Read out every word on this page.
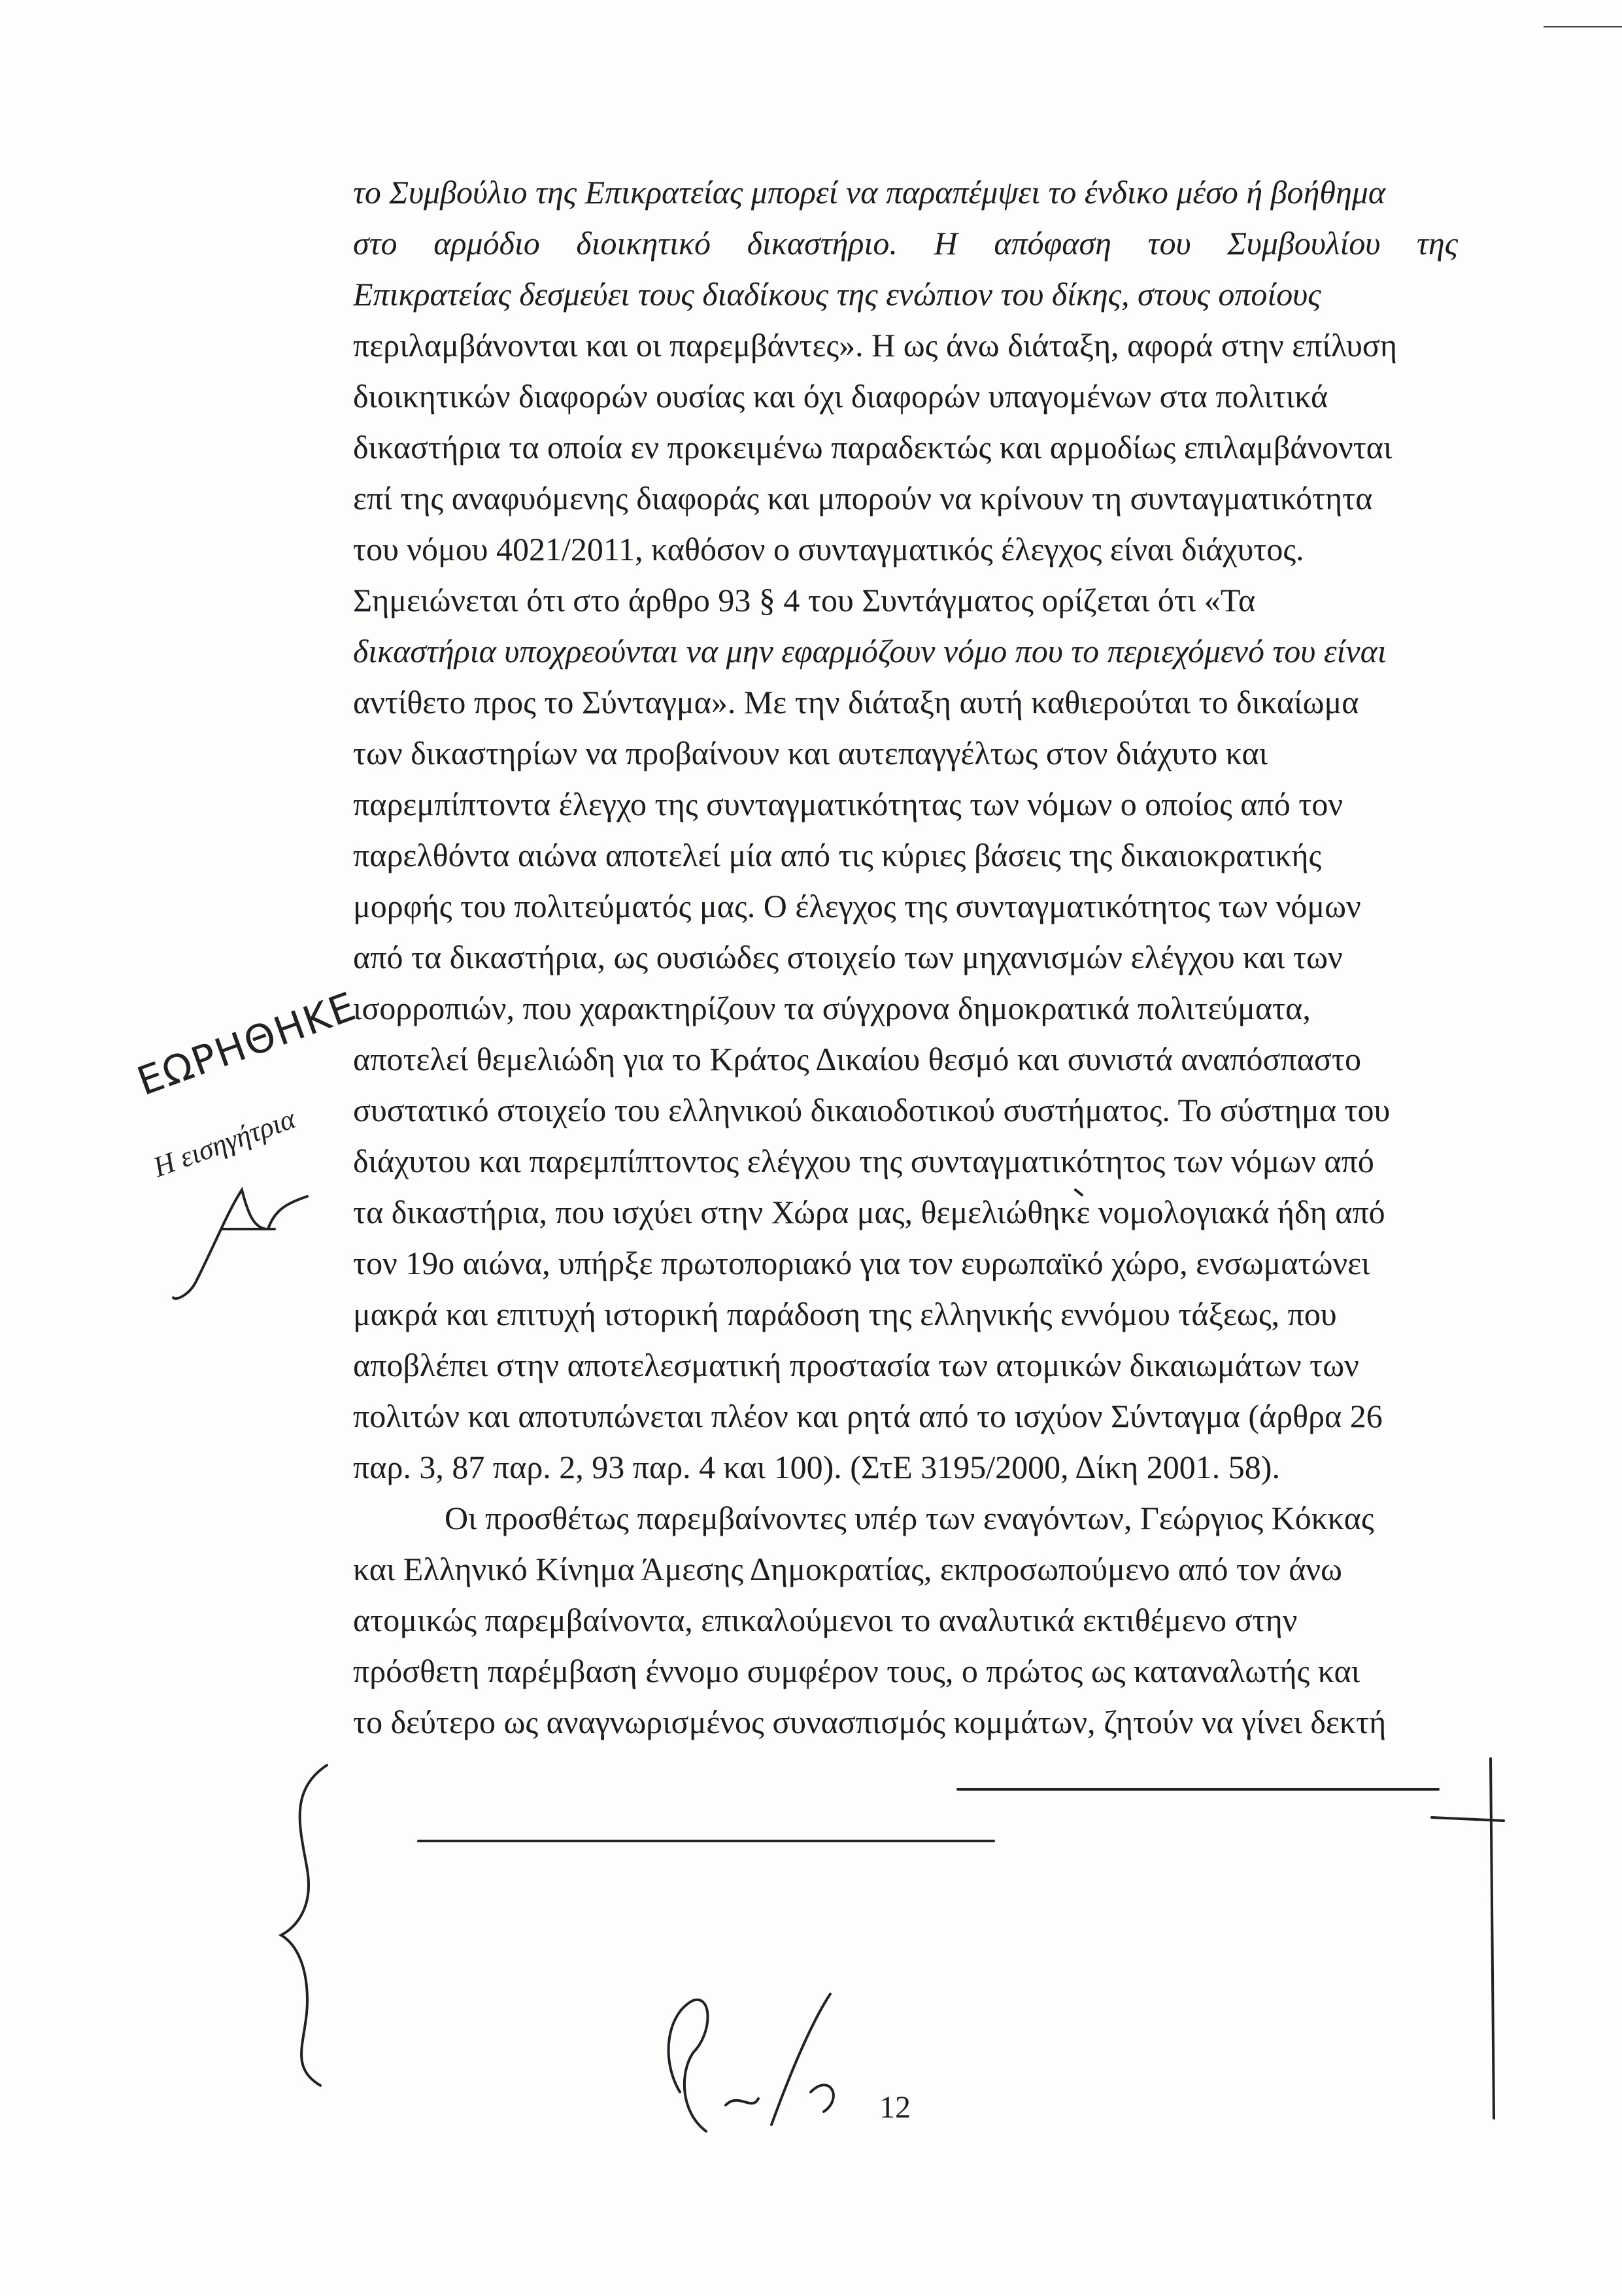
το Συμβούλιο της Επικρατείας μπορεί να παραπέμψει το ένδικο μέσο ή βοήθημα
στο αρμόδιο διοικητικό δικαστήριο. Η απόφαση του Συμβουλίου της
Επικρατείας δεσμεύει τους διαδίκους της ενώπιον του δίκης, στους οποίους
περιλαμβάνονται και οι παρεμβάντες». Η ως άνω διάταξη, αφορά στην επίλυση
διοικητικών διαφορών ουσίας και όχι διαφορών υπαγομένων στα πολιτικά
δικαστήρια τα οποία εν προκειμένω παραδεκτώς και αρμοδίως επιλαμβάνονται
επί της αναφυόμενης διαφοράς και μπορούν να κρίνουν τη συνταγματικότητα
του νόμου 4021/2011, καθόσον ο συνταγματικός έλεγχος είναι διάχυτος.
Σημειώνεται ότι στο άρθρο 93 § 4 του Συντάγματος ορίζεται ότι «Τα
δικαστήρια υποχρεούνται να μην εφαρμόζουν νόμο που το περιεχόμενό του είναι
αντίθετο προς το Σύνταγμα». Με την διάταξη αυτή καθιερούται το δικαίωμα
των δικαστηρίων να προβαίνουν και αυτεπαγγέλτως στον διάχυτο και
παρεμπίπτοντα έλεγχο της συνταγματικότητας των νόμων ο οποίος από τον
παρελθόντα αιώνα αποτελεί μία από τις κύριες βάσεις της δικαιοκρατικής
μορφής του πολιτεύματός μας. Ο έλεγχος της συνταγματικότητος των νόμων
από τα δικαστήρια, ως ουσιώδες στοιχείο των μηχανισμών ελέγχου και των
ισορροπιών, που χαρακτηρίζουν τα σύγχρονα δημοκρατικά πολιτεύματα,
αποτελεί θεμελιώδη για το Κράτος Δικαίου θεσμό και συνιστά αναπόσπαστο
συστατικό στοιχείο του ελληνικού δικαιοδοτικού συστήματος. Το σύστημα του
διάχυτου και παρεμπίπτοντος ελέγχου της συνταγματικότητος των νόμων από
τα δικαστήρια, που ισχύει στην Χώρα μας, θεμελιώθηκε νομολογιακά ήδη από
τον 19ο αιώνα, υπήρξε πρωτοποριακό για τον ευρωπαϊκό χώρο, ενσωματώνει
μακρά και επιτυχή ιστορική παράδοση της ελληνικής εννόμου τάξεως, που
αποβλέπει στην αποτελεσματική προστασία των ατομικών δικαιωμάτων των
πολιτών και αποτυπώνεται πλέον και ρητά από το ισχύον Σύνταγμα (άρθρα 26
παρ. 3, 87 παρ. 2, 93 παρ. 4 και 100). (ΣτΕ 3195/2000, Δίκη 2001. 58).
Οι προσθέτως παρεμβαίνοντες υπέρ των εναγόντων, Γεώργιος Κόκκας
και Ελληνικό Κίνημα Άμεσης Δημοκρατίας, εκπροσωπούμενο από τον άνω
ατομικώς παρεμβαίνοντα, επικαλούμενοι το αναλυτικά εκτιθέμενο στην
πρόσθετη παρέμβαση έννομο συμφέρον τους, ο πρώτος ως καταναλωτής και
το δεύτερο ως αναγνωρισμένος συνασπισμός κομμάτων, ζητούν να γίνει δεκτή
ΕΩΡΗΘΗΚΕ
Η εισηγήτρια
12
